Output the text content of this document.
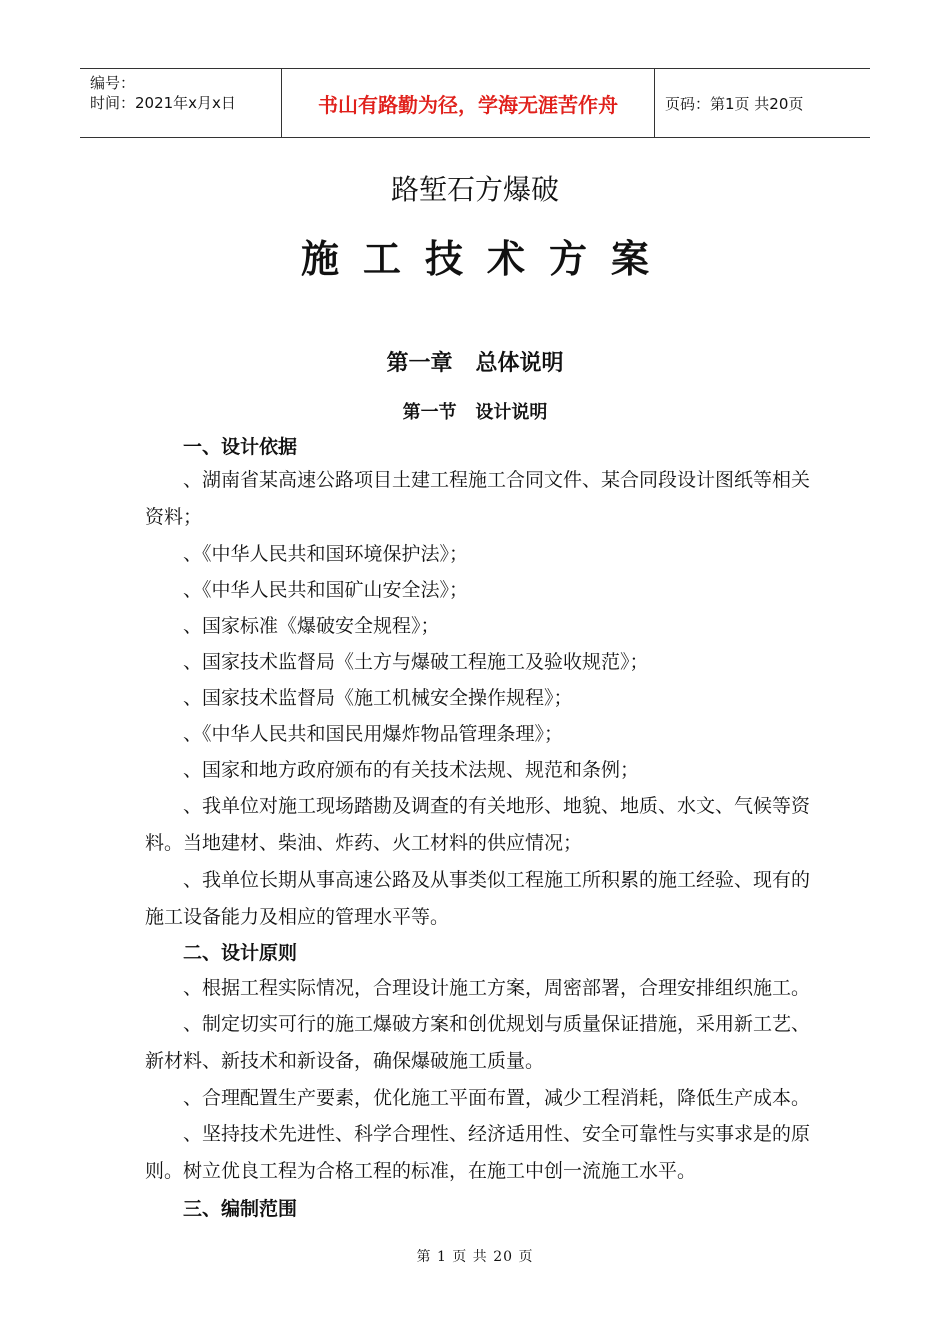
编号：
时间：2021年x月x日	书山有路勤为径，学海无涯苦作舟	页码：第1页 共20页
路堑石方爆破
施工技术方案
第一章   总体说明
第一节   设计说明
一、设计依据
、湖南省某高速公路项目土建工程施工合同文件、某合同段设计图纸等相关资料；
、《中华人民共和国环境保护法》；
、《中华人民共和国矿山安全法》；
、国家标准《爆破安全规程》；
、国家技术监督局《土方与爆破工程施工及验收规范》；
、国家技术监督局《施工机械安全操作规程》；
、《中华人民共和国民用爆炸物品管理条理》；
、国家和地方政府颁布的有关技术法规、规范和条例；
、我单位对施工现场踏勘及调查的有关地形、地貌、地质、水文、气候等资料。当地建材、柴油、炸药、火工材料的供应情况；
、我单位长期从事高速公路及从事类似工程施工所积累的施工经验、现有的施工设备能力及相应的管理水平等。
二、设计原则
、根据工程实际情况，合理设计施工方案，周密部署，合理安排组织施工。
、制定切实可行的施工爆破方案和创优规划与质量保证措施，采用新工艺、新材料、新技术和新设备，确保爆破施工质量。
、合理配置生产要素，优化施工平面布置，减少工程消耗，降低生产成本。
、坚持技术先进性、科学合理性、经济适用性、安全可靠性与实事求是的原则。树立优良工程为合格工程的标准，在施工中创一流施工水平。
三、编制范围
第 1 页 共 20 页
